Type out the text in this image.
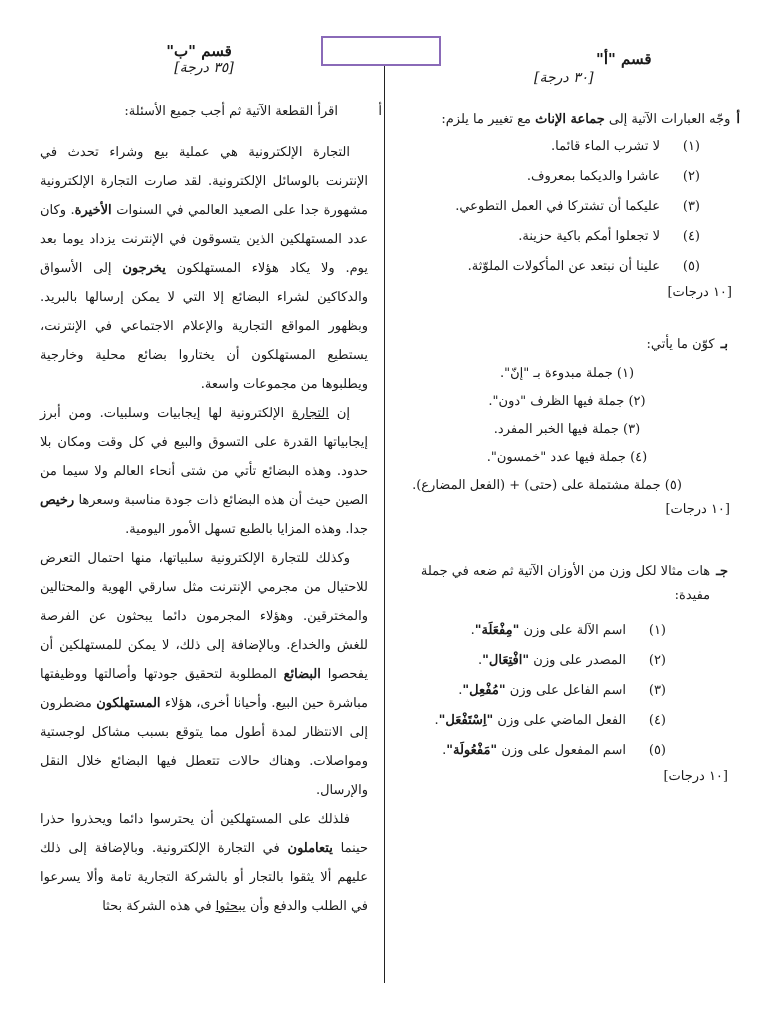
قسم "أ"
[٣٠ درجة]
أ
وجّه العبارات الآتية إلى جماعة الإناث مع تغيير ما يلزم:
(١)
لا تشرب الماء قائما.
(٢)
عاشرا والديكما بمعروف.
(٣)
عليكما أن تشتركا في العمل التطوعي.
(٤)
لا تجعلوا أمكم باكية حزينة.
(٥)
علينا أن نبتعد عن المأكولات الملوّثة.
[١٠ درجات]
بـ
كوّن ما يأتي:
(١) جملة مبدوءة بـ "إنّ".
(٢) جملة فيها الظرف "دون".
(٣) جملة فيها الخبر المفرد.
(٤) جملة فيها عدد "خمسون".
(٥) جملة مشتملة على (حتى) + (الفعل المضارع).
[١٠ درجات]
جـ
هات مثالا لكل وزن من الأوزان الآتية ثم ضعه في جملة مفيدة:
(١)
اسم الآلة على وزن "مِفْعَلَة".
(٢)
المصدر على وزن "افْتِعَال".
(٣)
اسم الفاعل على وزن "مُفْعِل".
(٤)
الفعل الماضي على وزن "اِسْتَفْعَل".
(٥)
اسم المفعول على وزن "مَفْعُولَة".
[١٠ درجات]
قسم "ب"
[٣٥ درجة]
أ
اقرأ القطعة الآتية ثم أجب جميع الأسئلة:

التجارة الإلكترونية هي عملية بيع وشراء تحدث في الإنترنت بالوسائل الإلكترونية. لقد صارت التجارة الإلكترونية مشهورة جدا على الصعيد العالمي في السنوات الأخيرة. وكان عدد المستهلكين الذين يتسوقون في الإنترنت يزداد يوما بعد يوم. ولا يكاد هؤلاء المستهلكون يخرجون إلى الأسواق والدكاكين لشراء البضائع إلا التي لا يمكن إرسالها بالبريد. وبظهور المواقع التجارية والإعلام الاجتماعي في الإنترنت، يستطيع المستهلكون أن يختاروا بضائع محلية وخارجية ويطلبوها من مجموعات واسعة.

إن التجارة الإلكترونية لها إيجابيات وسلبيات. ومن أبرز إيجابياتها القدرة على التسوق والبيع في كل وقت ومكان بلا حدود. وهذه البضائع تأتي من شتى أنحاء العالم ولا سيما من الصين حيث أن هذه البضائع ذات جودة مناسبة وسعرها رخيص جدا. وهذه المزايا بالطبع تسهل الأمور اليومية.

وكذلك للتجارة الإلكترونية سلبياتها، منها احتمال التعرض للاحتيال من مجرمي الإنترنت مثل سارقي الهوية والمحتالين والمخترقين. وهؤلاء المجرمون دائما يبحثون عن الفرصة للغش والخداع. وبالإضافة إلى ذلك، لا يمكن للمستهلكين أن يفحصوا البضائع المطلوبة لتحقيق جودتها وأصالتها ووظيفتها مباشرة حين البيع. وأحيانا أخرى، هؤلاء المستهلكون مضطرون إلى الانتظار لمدة أطول مما يتوقع بسبب مشاكل لوجستية ومواصلات. وهناك حالات تتعطل فيها البضائع خلال النقل والإرسال.

فلذلك على المستهلكين أن يحترسوا دائما ويحذروا حذرا حينما يتعاملون في التجارة الإلكترونية. وبالإضافة إلى ذلك عليهم ألا يثقوا بالتجار أو بالشركة التجارية تامة وألا يسرعوا في الطلب والدفع وأن يبحثوا في هذه الشركة بحثا
